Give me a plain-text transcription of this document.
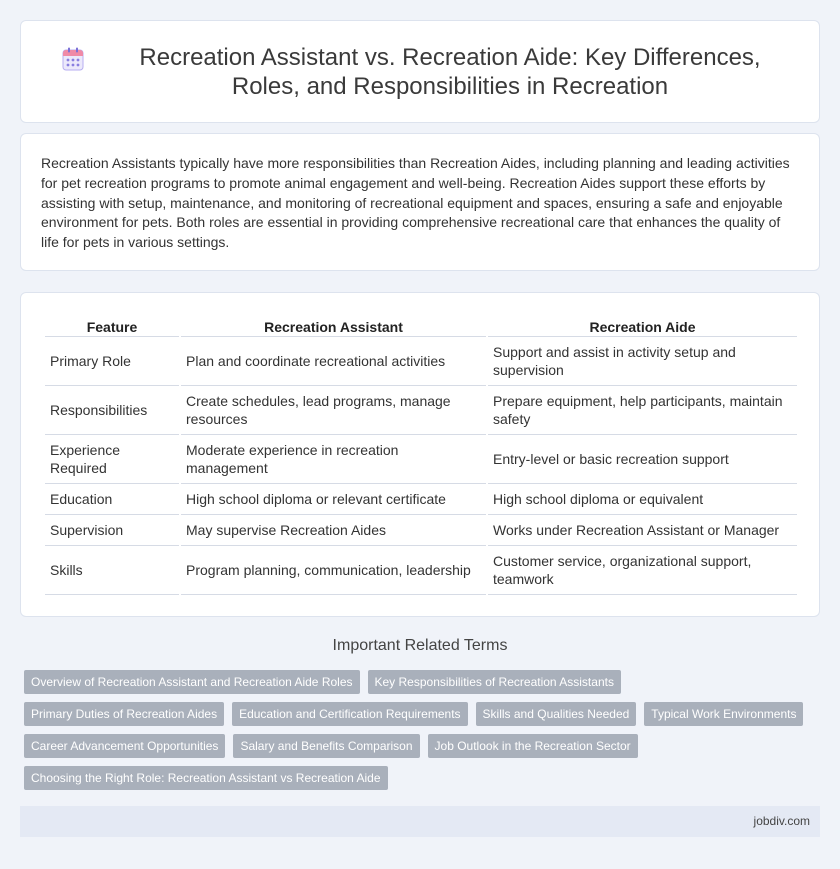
Recreation Assistant vs. Recreation Aide: Key Differences, Roles, and Responsibilities in Recreation

Recreation Assistants typically have more responsibilities than Recreation Aides, including planning and leading activities for pet recreation programs to promote animal engagement and well-being. Recreation Aides support these efforts by assisting with setup, maintenance, and monitoring of recreational equipment and spaces, ensuring a safe and enjoyable environment for pets. Both roles are essential in providing comprehensive recreational care that enhances the quality of life for pets in various settings.

Feature	Recreation Assistant	Recreation Aide
Primary Role	Plan and coordinate recreational activities	Support and assist in activity setup and supervision
Responsibilities	Create schedules, lead programs, manage resources	Prepare equipment, help participants, maintain safety
Experience Required	Moderate experience in recreation management	Entry-level or basic recreation support
Education	High school diploma or relevant certificate	High school diploma or equivalent
Supervision	May supervise Recreation Aides	Works under Recreation Assistant or Manager
Skills	Program planning, communication, leadership	Customer service, organizational support, teamwork
Important Related Terms
Overview of Recreation Assistant and Recreation Aide Roles	Key Responsibilities of Recreation Assistants
Primary Duties of Recreation Aides	Education and Certification Requirements	Skills and Qualities Needed	Typical Work Environments
Career Advancement Opportunities	Salary and Benefits Comparison	Job Outlook in the Recreation Sector
Choosing the Right Role: Recreation Assistant vs Recreation Aide
jobdiv.com
